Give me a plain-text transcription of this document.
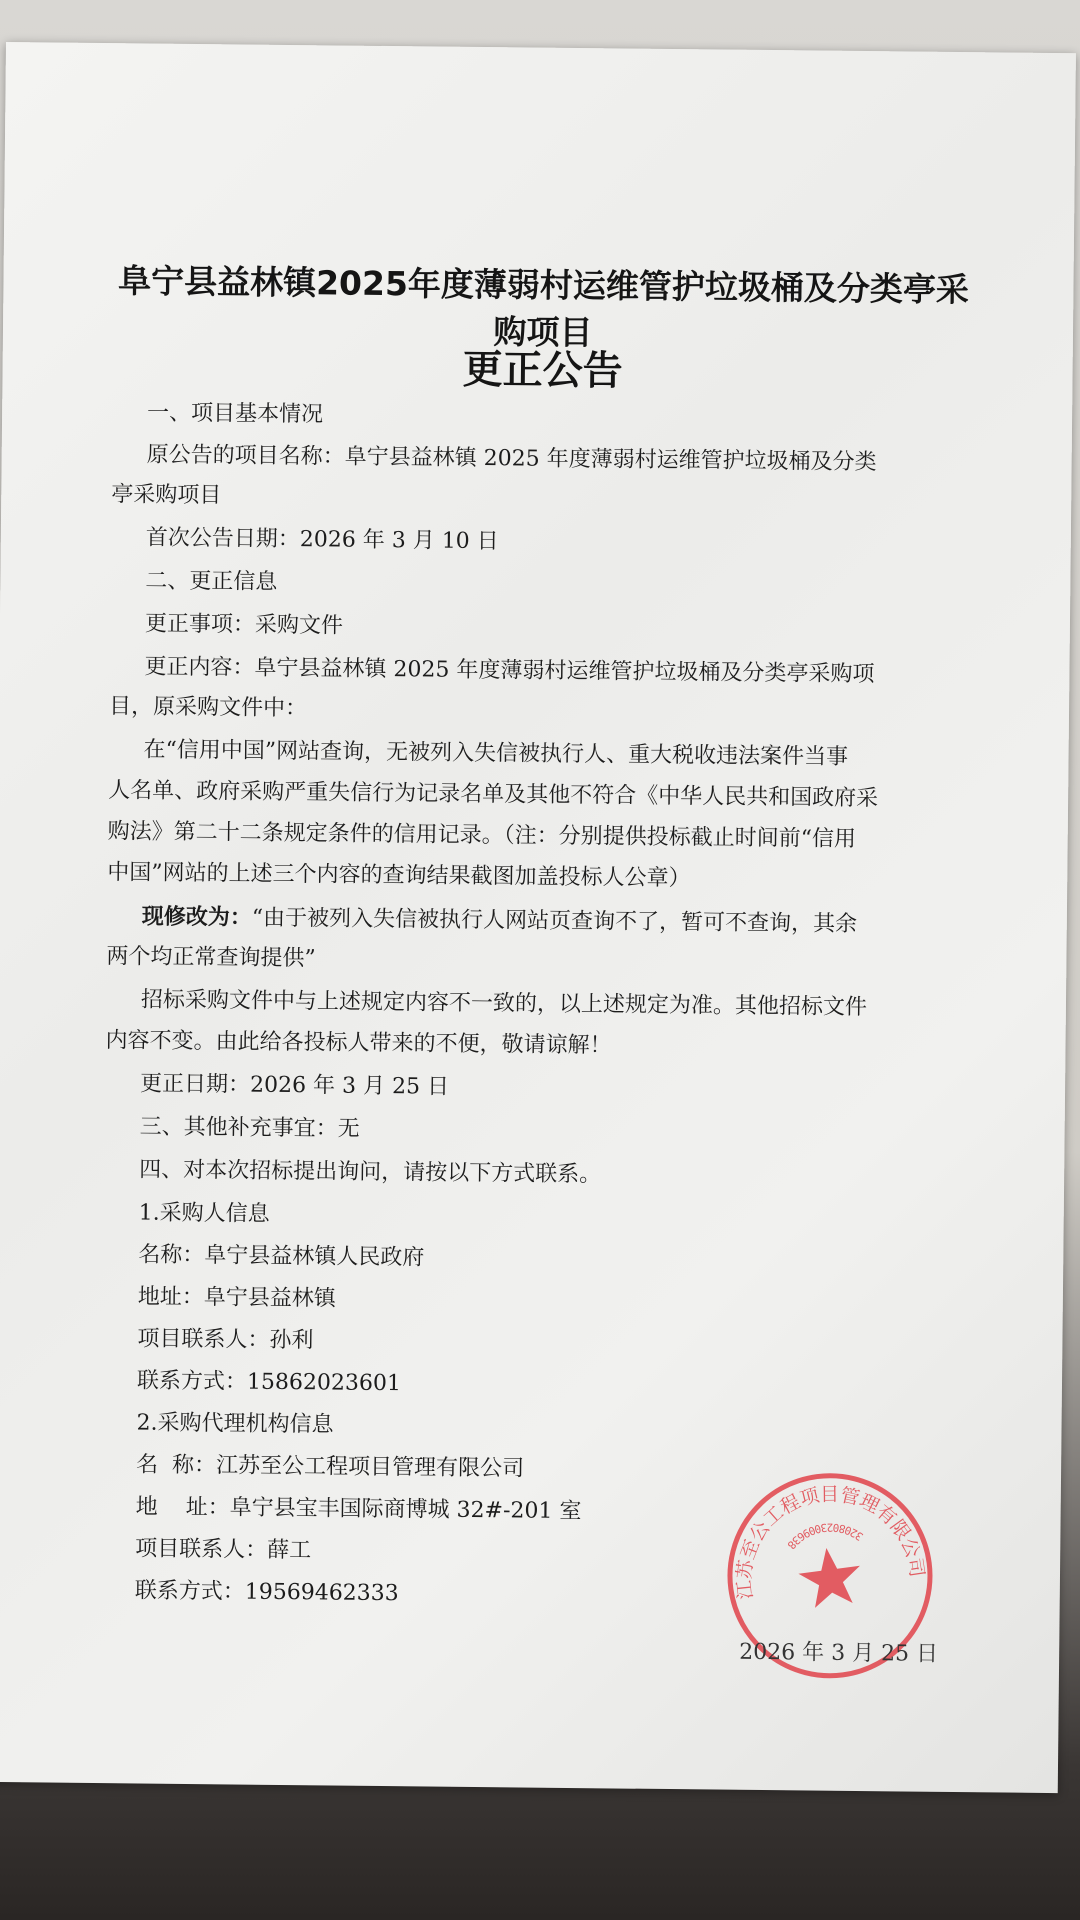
阜宁县益林镇2025年度薄弱村运维管护垃圾桶及分类亭采
购项目
更正公告
一、项目基本情况
原公告的项目名称：阜宁县益林镇 2025 年度薄弱村运维管护垃圾桶及分类
亭采购项目
首次公告日期：2026 年 3 月 10 日
二、更正信息
更正事项：采购文件
更正内容：阜宁县益林镇 2025 年度薄弱村运维管护垃圾桶及分类亭采购项
目，原采购文件中：
在“信用中国”网站查询，无被列入失信被执行人、重大税收违法案件当事
人名单、政府采购严重失信行为记录名单及其他不符合《中华人民共和国政府采
购法》第二十二条规定条件的信用记录。（注：分别提供投标截止时间前“信用
中国”网站的上述三个内容的查询结果截图加盖投标人公章）
现修改为：“由于被列入失信被执行人网站页查询不了，暂可不查询，其余
两个均正常查询提供”
招标采购文件中与上述规定内容不一致的，以上述规定为准。其他招标文件
内容不变。由此给各投标人带来的不便，敬请谅解！
更正日期：2026 年 3 月 25 日
三、其他补充事宜：无
四、对本次招标提出询问，请按以下方式联系。
1.采购人信息
名称：阜宁县益林镇人民政府
地址：阜宁县益林镇
项目联系人：孙利
联系方式：15862023601
2.采购代理机构信息
名  称：江苏至公工程项目管理有限公司
地    址：阜宁县宝丰国际商博城 32#-201 室
项目联系人：薛工
联系方式：19569462333	江苏至公工程项目管理有限公司
3208023009638
2026 年 3 月 25 日
